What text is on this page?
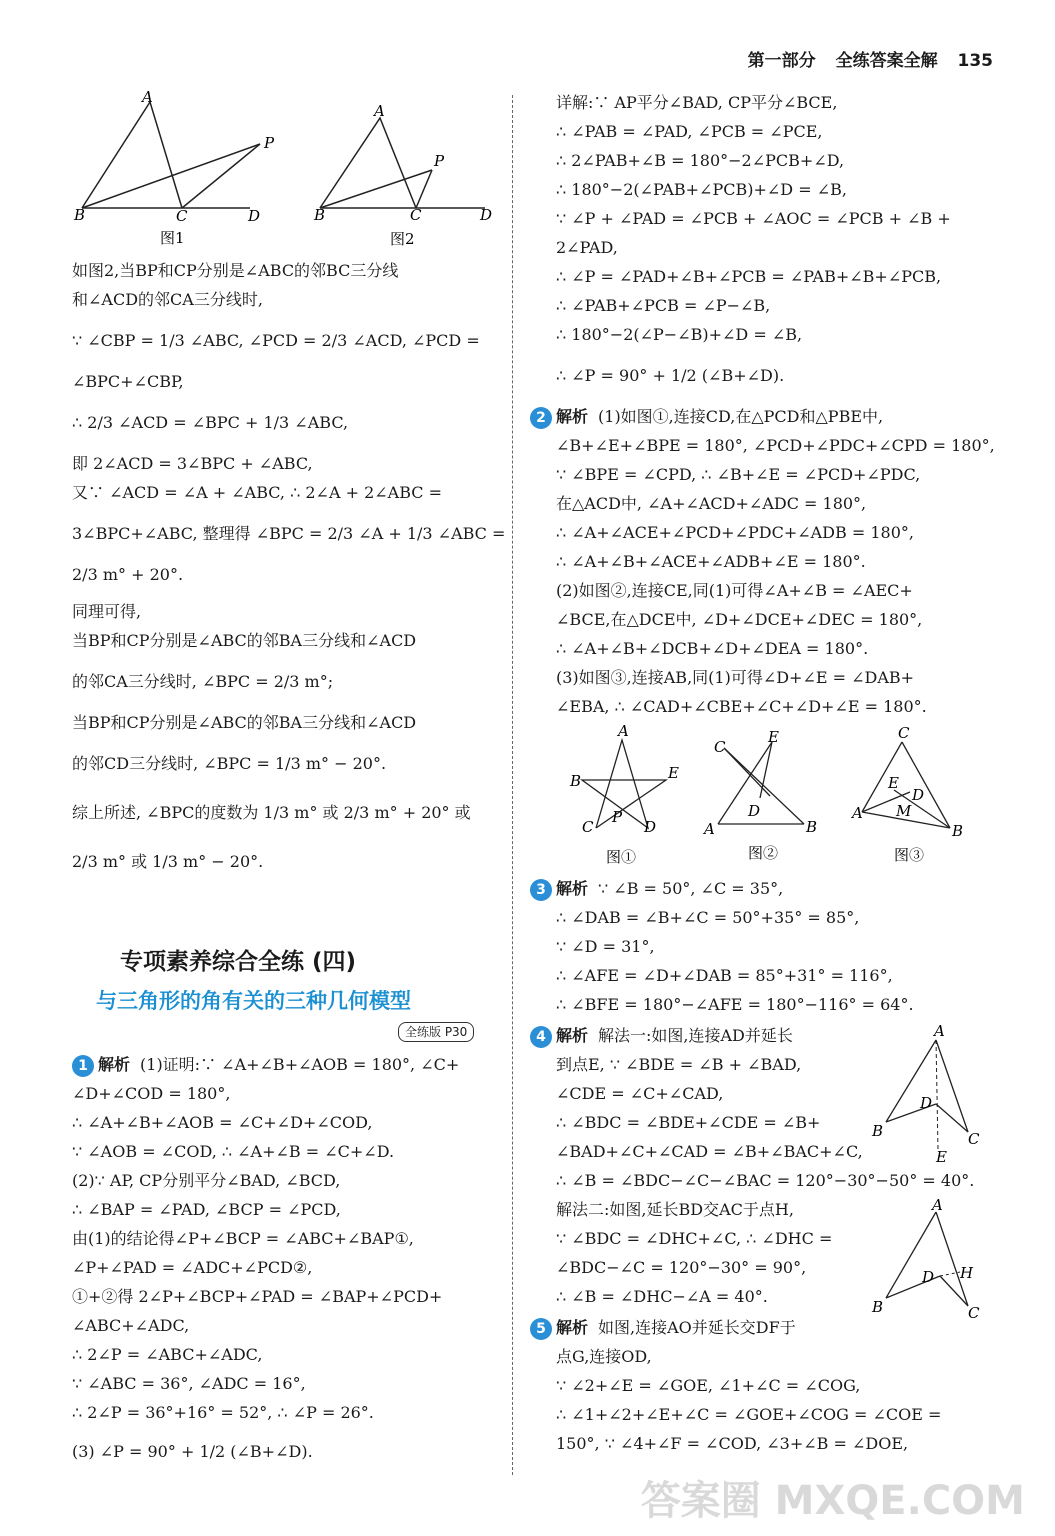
第一部分 全练答案全解 135
A
B	C	D
P
图1
A
B	C	D
P
图2

如图2,当BP和CP分别是∠ABC的邻BC三分线

和∠ACD的邻CA三分线时,

∵ ∠CBP = 1/3 ∠ABC, ∠PCD = 2/3 ∠ACD, ∠PCD =

∠BPC+∠CBP,

∴ 2/3 ∠ACD = ∠BPC + 1/3 ∠ABC,

即 2∠ACD = 3∠BPC + ∠ABC,

又∵ ∠ACD = ∠A + ∠ABC, ∴ 2∠A + 2∠ABC =

3∠BPC+∠ABC, 整理得 ∠BPC = 2/3 ∠A + 1/3 ∠ABC =

2/3 m° + 20°.

同理可得,

当BP和CP分别是∠ABC的邻BA三分线和∠ACD

的邻CA三分线时, ∠BPC = 2/3 m°;

当BP和CP分别是∠ABC的邻BA三分线和∠ACD

的邻CD三分线时, ∠BPC = 1/3 m° − 20°.

综上所述, ∠BPC的度数为 1/3 m° 或 2/3 m° + 20° 或

2/3 m° 或 1/3 m° − 20°.

专项素养综合全练 (四)
与三角形的角有关的三种几何模型
全练版 P30

1 解析 (1)证明:∵ ∠A+∠B+∠AOB = 180°, ∠C+

∠D+∠COD = 180°,

∴ ∠A+∠B+∠AOB = ∠C+∠D+∠COD,

∵ ∠AOB = ∠COD, ∴ ∠A+∠B = ∠C+∠D.

(2)∵ AP, CP分别平分∠BAD, ∠BCD,

∴ ∠BAP = ∠PAD, ∠BCP = ∠PCD,

由(1)的结论得∠P+∠BCP = ∠ABC+∠BAP①,

∠P+∠PAD = ∠ADC+∠PCD②,

①+②得 2∠P+∠BCP+∠PAD = ∠BAP+∠PCD+

∠ABC+∠ADC,

∴ 2∠P = ∠ABC+∠ADC,

∵ ∠ABC = 36°, ∠ADC = 16°,

∴ 2∠P = 36°+16° = 52°, ∴ ∠P = 26°.

(3) ∠P = 90° + 1/2 (∠B+∠D).

详解:∵ AP平分∠BAD, CP平分∠BCE,

∴ ∠PAB = ∠PAD, ∠PCB = ∠PCE,

∴ 2∠PAB+∠B = 180°−2∠PCB+∠D,

∴ 180°−2(∠PAB+∠PCB)+∠D = ∠B,

∵ ∠P + ∠PAD = ∠PCB + ∠AOC = ∠PCB + ∠B +

2∠PAD,

∴ ∠P = ∠PAD+∠B+∠PCB = ∠PAB+∠B+∠PCB,

∴ ∠PAB+∠PCB = ∠P−∠B,

∴ 180°−2(∠P−∠B)+∠D = ∠B,

∴ ∠P = 90° + 1/2 (∠B+∠D).

2 解析 (1)如图①,连接CD,在△PCD和△PBE中,

∠B+∠E+∠BPE = 180°, ∠PCD+∠PDC+∠CPD = 180°,

∵ ∠BPE = ∠CPD, ∴ ∠B+∠E = ∠PCD+∠PDC,

在△ACD中, ∠A+∠ACD+∠ADC = 180°,

∴ ∠A+∠ACE+∠PCD+∠PDC+∠ADB = 180°,

∴ ∠A+∠B+∠ACE+∠ADB+∠E = 180°.

(2)如图②,连接CE,同(1)可得∠A+∠B = ∠AEC+

∠BCE,在△DCE中, ∠D+∠DCE+∠DEC = 180°,

∴ ∠A+∠B+∠DCB+∠D+∠DEA = 180°.

(3)如图③,连接AB,同(1)可得∠D+∠E = ∠DAB+

∠EBA, ∴ ∠CAD+∠CBE+∠C+∠D+∠E = 180°.

A
B	E
C	D
P
图①
C
E
D
A	B
图②
C
E
D
M
A
B
图③

3 解析 ∵ ∠B = 50°, ∠C = 35°,

∴ ∠DAB = ∠B+∠C = 50°+35° = 85°,

∵ ∠D = 31°,

∴ ∠AFE = ∠D+∠DAB = 85°+31° = 116°,

∴ ∠BFE = 180°−∠AFE = 180°−116° = 64°.

4 解析 解法一:如图,连接AD并延长

到点E, ∵ ∠BDE = ∠B + ∠BAD,

∠CDE = ∠C+∠CAD,

∴ ∠BDC = ∠BDE+∠CDE = ∠B+

∠BAD+∠C+∠CAD = ∠B+∠BAC+∠C,

∴ ∠B = ∠BDC−∠C−∠BAC = 120°−30°−50° = 40°.

解法二:如图,延长BD交AC于点H,

∵ ∠BDC = ∠DHC+∠C, ∴ ∠DHC =

∠BDC−∠C = 120°−30° = 90°,

∴ ∠B = ∠DHC−∠A = 40°.

A
B	C
D
E
A
B	C
D H

5 解析 如图,连接AO并延长交DF于

点G,连接OD,

∵ ∠2+∠E = ∠GOE, ∠1+∠C = ∠COG,

∴ ∠1+∠2+∠E+∠C = ∠GOE+∠COG = ∠COE =

150°, ∵ ∠4+∠F = ∠COD, ∠3+∠B = ∠DOE,

答案圈 MXQE.COM
